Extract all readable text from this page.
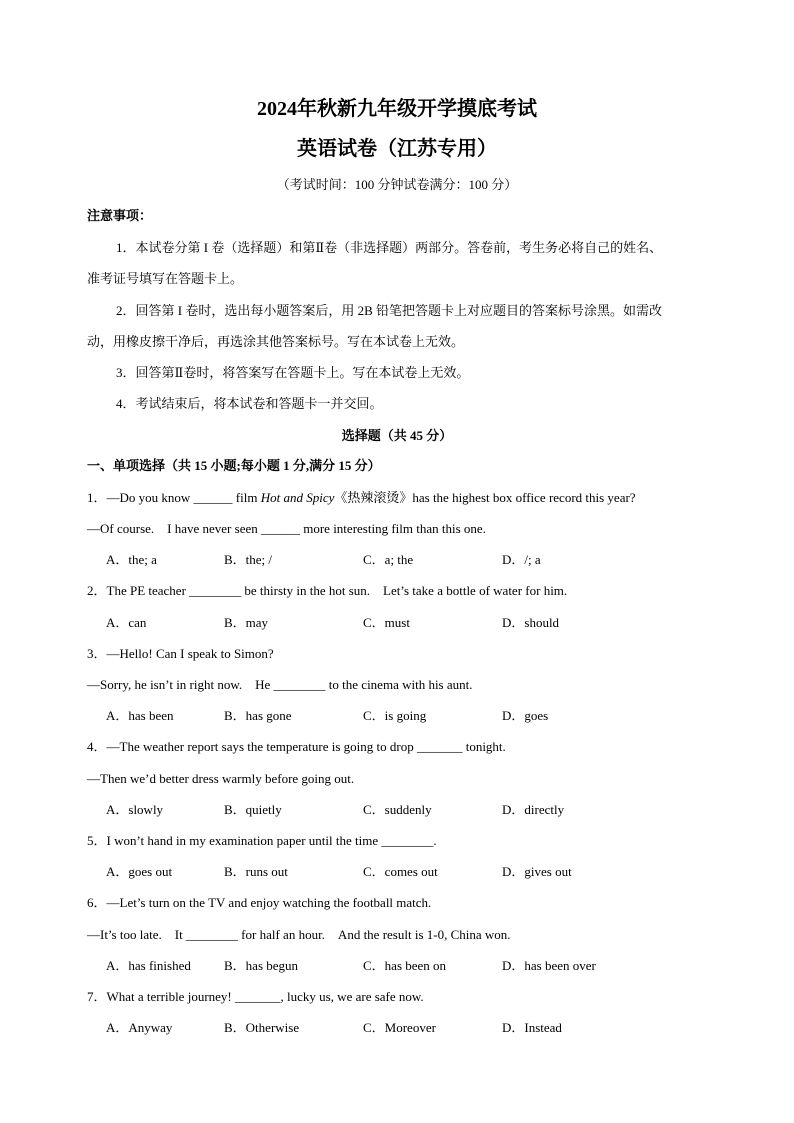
2024年秋新九年级开学摸底考试
英语试卷（江苏专用）
（考试时间：100 分钟试卷满分：100 分）
注意事项：
1．本试卷分第 I 卷（选择题）和第Ⅱ卷（非选择题）两部分。答卷前，考生务必将自己的姓名、
准考证号填写在答题卡上。
2．回答第 I 卷时，选出每小题答案后，用 2B 铅笔把答题卡上对应题目的答案标号涂黑。如需改
动，用橡皮擦干净后，再选涂其他答案标号。写在本试卷上无效。
3．回答第Ⅱ卷时，将答案写在答题卡上。写在本试卷上无效。
4．考试结束后，将本试卷和答题卡一并交回。
选择题（共 45 分）
一、单项选择（共 15 小题;每小题 1 分,满分 15 分）
1．—Do you know ______ film Hot and Spicy《热辣滚烫》has the highest box office record this year?
—Of course.　I have never seen ______ more interesting film than this one.
A．the; a	B．the; /	C．a; the	D．/; a
2．The PE teacher ________ be thirsty in the hot sun.　Let’s take a bottle of water for him.
A．can	B．may	C．must	D．should
3．—Hello! Can I speak to Simon?
—Sorry, he isn’t in right now.　He ________ to the cinema with his aunt.
A．has been	B．has gone	C．is going	D．goes
4．—The weather report says the temperature is going to drop _______ tonight.
—Then we’d better dress warmly before going out.
A．slowly	B．quietly	C．suddenly	D．directly
5．I won’t hand in my examination paper until the time ________.
A．goes out	B．runs out	C．comes out	D．gives out
6．—Let’s turn on the TV and enjoy watching the football match.
—It’s too late.　It ________ for half an hour.　And the result is 1-0, China won.
A．has finished	B．has begun	C．has been on	D．has been over
7．What a terrible journey! _______, lucky us, we are safe now.
A．Anyway	B．Otherwise	C．Moreover	D．Instead
